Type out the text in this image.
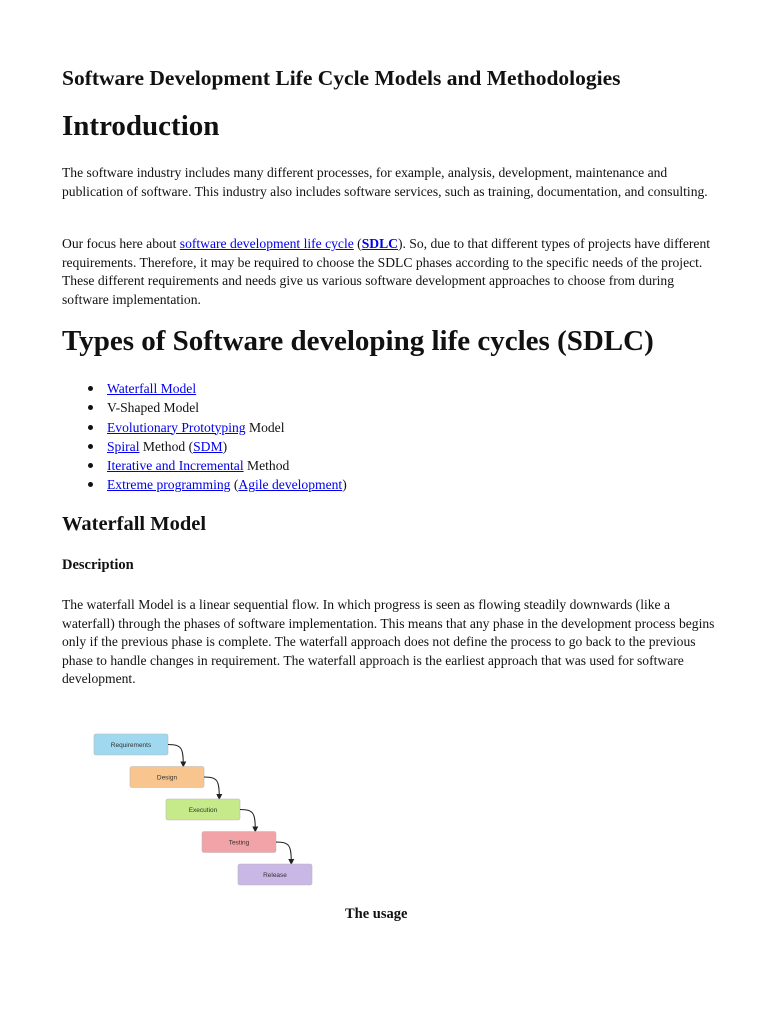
Software Development Life Cycle Models and Methodologies
Introduction

The software industry includes many different processes, for example, analysis, development, maintenance and publication of software. This industry also includes software services, such as training, documentation, and consulting.

Our focus here about software development life cycle (SDLC). So, due to that different types of projects have different requirements. Therefore, it may be required to choose the SDLC phases according to the specific needs of the project. These different requirements and needs give us various software development approaches to choose from during software implementation.

Types of Software developing life cycles (SDLC)
Waterfall Model
V-Shaped Model
Evolutionary Prototyping Model
Spiral Method (SDM)
Iterative and Incremental Method
Extreme programming (Agile development)
Waterfall Model
Description

The waterfall Model is a linear sequential flow. In which progress is seen as flowing steadily downwards (like a waterfall) through the phases of software implementation. This means that any phase in the development process begins only if the previous phase is complete. The waterfall approach does not define the process to go back to the previous phase to handle changes in requirement. The waterfall approach is the earliest approach that was used for software development.

Requirements
Design
Execution
Testing
Release

The usage
